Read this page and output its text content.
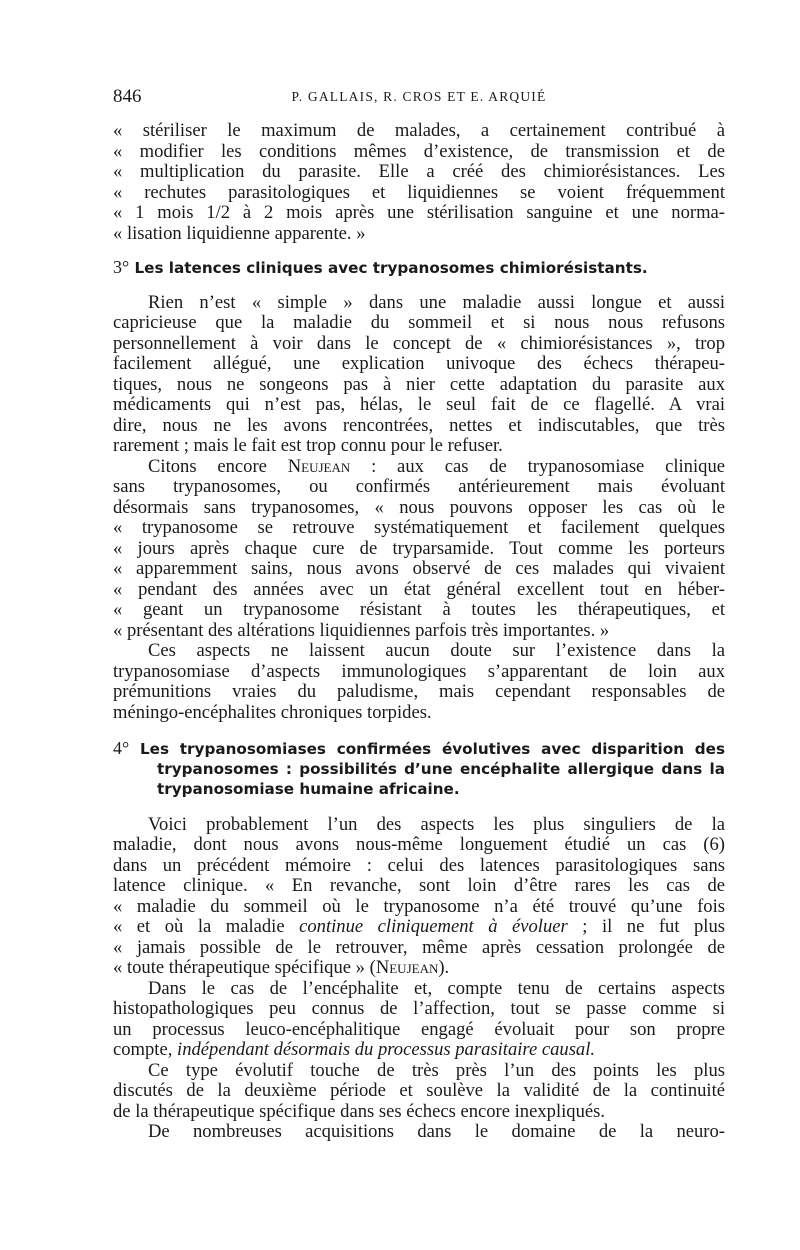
846	P. GALLAIS, R. CROS ET E. ARQUIÉ
« stériliser le maximum de malades, a certainement contribué à
« modifier les conditions mêmes d’existence, de transmission et de
« multiplication du parasite. Elle a créé des chimiorésistances. Les
« rechutes parasitologiques et liquidiennes se voient fréquemment
« 1 mois 1/2 à 2 mois après une stérilisation sanguine et une norma-
« lisation liquidienne apparente. »
3° Les latences cliniques avec trypanosomes chimiorésistants.
Rien n’est « simple » dans une maladie aussi longue et aussi
capricieuse que la maladie du sommeil et si nous nous refusons
personnellement à voir dans le concept de « chimiorésistances », trop
facilement allégué, une explication univoque des échecs thérapeu-
tiques, nous ne songeons pas à nier cette adaptation du parasite aux
médicaments qui n’est pas, hélas, le seul fait de ce flagellé. A vrai
dire, nous ne les avons rencontrées, nettes et indiscutables, que très
rarement ; mais le fait est trop connu pour le refuser.
Citons encore Neujean : aux cas de trypanosomiase clinique
sans trypanosomes, ou confirmés antérieurement mais évoluant
désormais sans trypanosomes, « nous pouvons opposer les cas où le
« trypanosome se retrouve systématiquement et facilement quelques
« jours après chaque cure de tryparsamide. Tout comme les porteurs
« apparemment sains, nous avons observé de ces malades qui vivaient
« pendant des années avec un état général excellent tout en héber-
« geant un trypanosome résistant à toutes les thérapeutiques, et
« présentant des altérations liquidiennes parfois très importantes. »
Ces aspects ne laissent aucun doute sur l’existence dans la
trypanosomiase d’aspects immunologiques s’apparentant de loin aux
prémunitions vraies du paludisme, mais cependant responsables de
méningo-encéphalites chroniques torpides.
4° Les trypanosomiases confirmées évolutives avec disparition des
trypanosomes : possibilités d’une encéphalite allergique dans la
trypanosomiase humaine africaine.
Voici probablement l’un des aspects les plus singuliers de la
maladie, dont nous avons nous-même longuement étudié un cas (6)
dans un précédent mémoire : celui des latences parasitologiques sans
latence clinique. « En revanche, sont loin d’être rares les cas de
« maladie du sommeil où le trypanosome n’a été trouvé qu’une fois
« et où la maladie continue cliniquement à évoluer ; il ne fut plus
« jamais possible de le retrouver, même après cessation prolongée de
« toute thérapeutique spécifique » (Neujean).
Dans le cas de l’encéphalite et, compte tenu de certains aspects
histopathologiques peu connus de l’affection, tout se passe comme si
un processus leuco-encéphalitique engagé évoluait pour son propre
compte, indépendant désormais du processus parasitaire causal.
Ce type évolutif touche de très près l’un des points les plus
discutés de la deuxième période et soulève la validité de la continuité
de la thérapeutique spécifique dans ses échecs encore inexpliqués.
De nombreuses acquisitions dans le domaine de la neuro-
